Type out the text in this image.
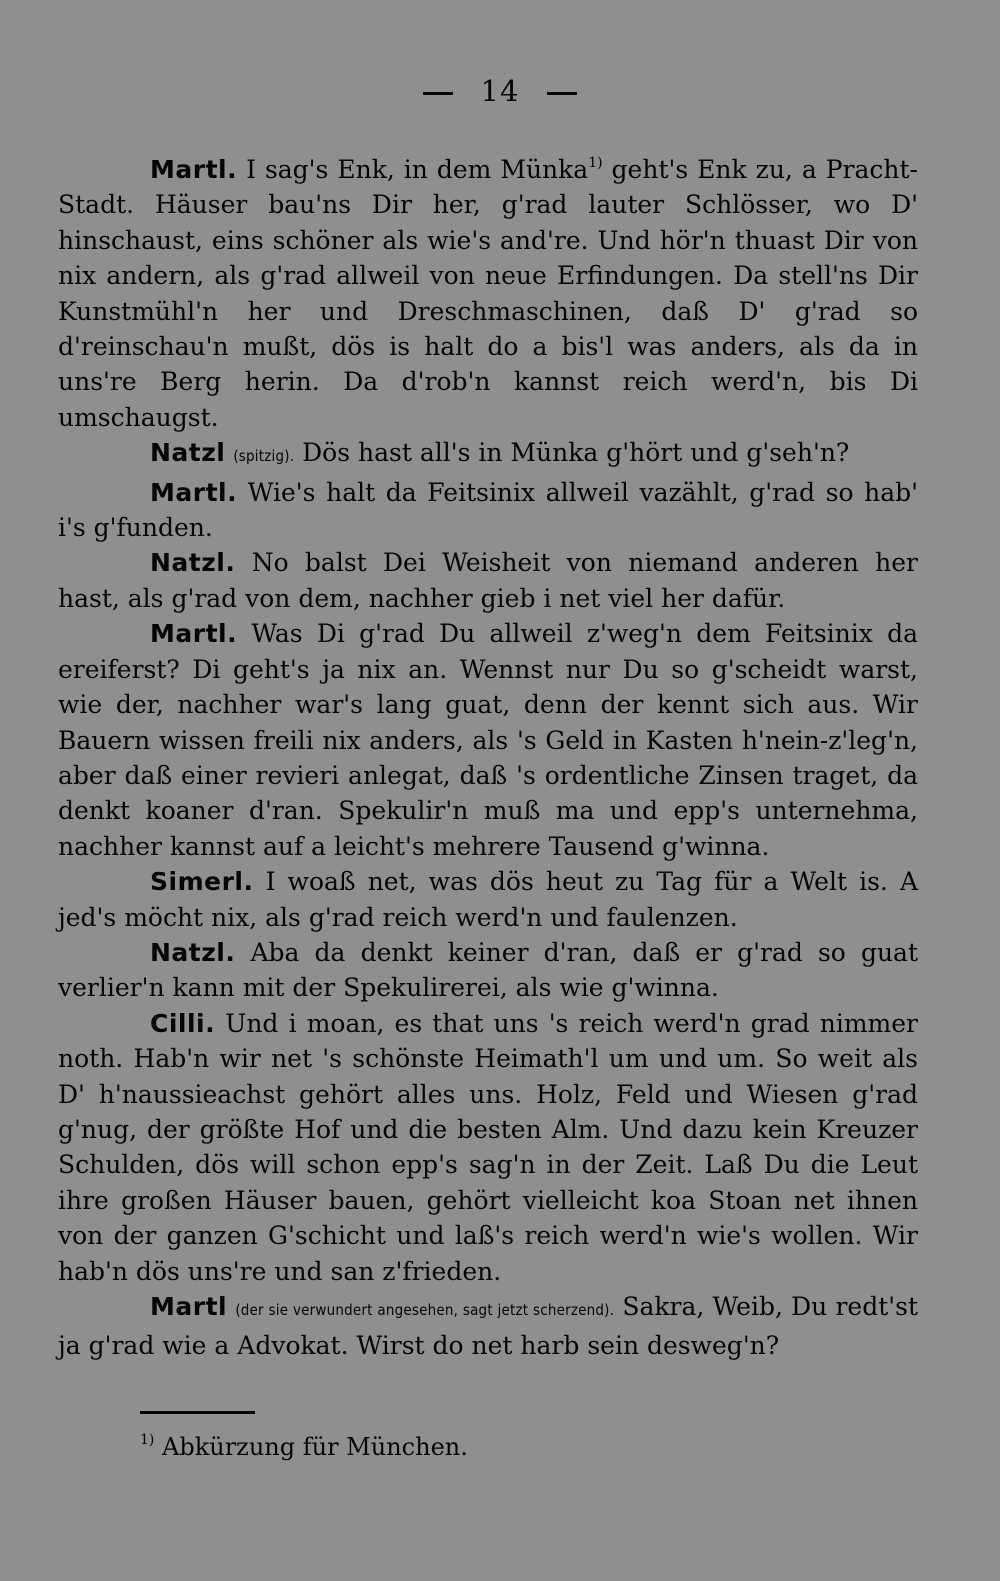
14

Martl. I sag's Enk, in dem Münka$^{1)}$ geht's Enk zu, a Pracht-Stadt. Häuser bau'ns Dir her, g'rad lauter Schlösser, wo D' hinschaust, eins schöner als wie's and're. Und hör'n thuast Dir von nix andern, als g'rad allweil von neue Erfindungen. Da stell'ns Dir Kunstmühl'n her und Dreschmaschinen, daß D' g'rad so d'reinschau'n mußt, dös is halt do a bis'l was anders, als da in uns're Berg herin. Da d'rob'n kannst reich werd'n, bis Di umschaugst.

Natzl (spitzig). Dös hast all's in Münka g'hört und g'seh'n?

Martl. Wie's halt da Feitsinix allweil vazählt, g'rad so hab' i's g'funden.

Natzl. No balst Dei Weisheit von niemand anderen her hast, als g'rad von dem, nachher gieb i net viel her dafür.

Martl. Was Di g'rad Du allweil z'weg'n dem Feitsinix da ereiferst? Di geht's ja nix an. Wennst nur Du so g'scheidt warst, wie der, nachher war's lang guat, denn der kennt sich aus. Wir Bauern wissen freili nix anders, als 's Geld in Kasten h'nein-z'leg'n, aber daß einer revieri anlegat, daß 's ordentliche Zinsen traget, da denkt koaner d'ran. Spekulir'n muß ma und epp's unternehma, nachher kannst auf a leicht's mehrere Tausend g'winna.

Simerl. I woaß net, was dös heut zu Tag für a Welt is. A jed's möcht nix, als g'rad reich werd'n und faulenzen.

Natzl. Aba da denkt keiner d'ran, daß er g'rad so guat verlier'n kann mit der Spekulirerei, als wie g'winna.

Cilli. Und i moan, es that uns 's reich werd'n grad nimmer noth. Hab'n wir net 's schönste Heimath'l um und um. So weit als D' h'naussieachst gehört alles uns. Holz, Feld und Wiesen g'rad g'nug, der größte Hof und die besten Alm. Und dazu kein Kreuzer Schulden, dös will schon epp's sag'n in der Zeit. Laß Du die Leut ihre großen Häuser bauen, gehört vielleicht koa Stoan net ihnen von der ganzen G'schicht und laß's reich werd'n wie's wollen. Wir hab'n dös uns're und san z'frieden.

Martl (der sie verwundert angesehen, sagt jetzt scherzend). Sakra, Weib, Du redt'st ja g'rad wie a Advokat. Wirst do net harb sein desweg'n?

$^{1)}$ Abkürzung für München.
